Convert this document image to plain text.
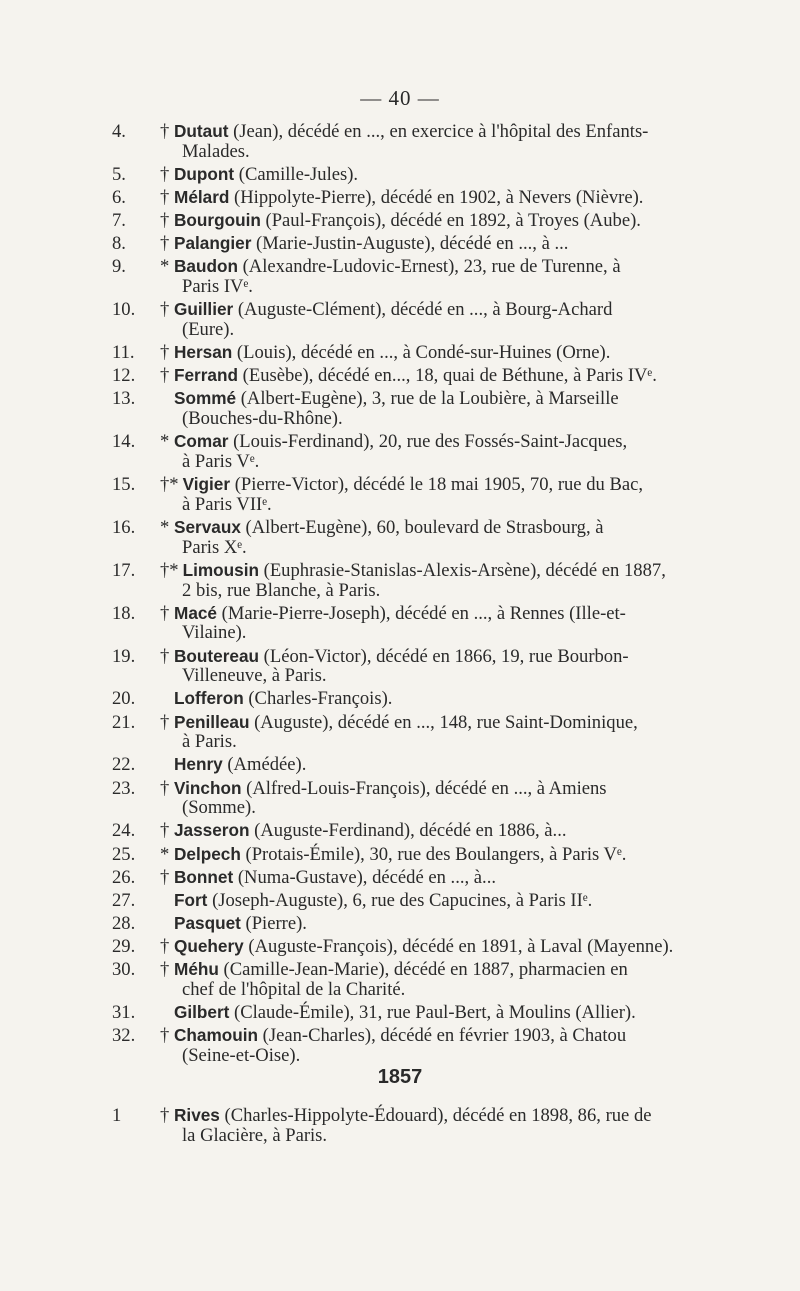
— 40 —
4.	† Dutaut (Jean), décédé en ..., en exercice à l'hôpital des Enfants-
Malades.
5.	† Dupont (Camille-Jules).
6.	† Mélard (Hippolyte-Pierre), décédé en 1902, à Nevers (Nièvre).
7.	† Bourgouin (Paul-François), décédé en 1892, à Troyes (Aube).
8.	† Palangier (Marie-Justin-Auguste), décédé en ..., à ...
9.	* Baudon (Alexandre-Ludovic-Ernest), 23, rue de Turenne, à
Paris IVᵉ.
10.	† Guillier (Auguste-Clément), décédé en ..., à Bourg-Achard
(Eure).
11.	† Hersan (Louis), décédé en ..., à Condé-sur-Huines (Orne).
12.	† Ferrand (Eusèbe), décédé en..., 18, quai de Béthune, à Paris IVᵉ.
13.	Sommé (Albert-Eugène), 3, rue de la Loubière, à Marseille
(Bouches-du-Rhône).
14.	* Comar (Louis-Ferdinand), 20, rue des Fossés-Saint-Jacques,
à Paris Vᵉ.
15.	†* Vigier (Pierre-Victor), décédé le 18 mai 1905, 70, rue du Bac,
à Paris VIIᵉ.
16.	* Servaux (Albert-Eugène), 60, boulevard de Strasbourg, à
Paris Xᵉ.
17.	†* Limousin (Euphrasie-Stanislas-Alexis-Arsène), décédé en 1887,
2 bis, rue Blanche, à Paris.
18.	† Macé (Marie-Pierre-Joseph), décédé en ..., à Rennes (Ille-et-
Vilaine).
19.	† Boutereau (Léon-Victor), décédé en 1866, 19, rue Bourbon-
Villeneuve, à Paris.
20.	Lofferon (Charles-François).
21.	† Penilleau (Auguste), décédé en ..., 148, rue Saint-Dominique,
à Paris.
22.	Henry (Amédée).
23.	† Vinchon (Alfred-Louis-François), décédé en ..., à Amiens
(Somme).
24.	† Jasseron (Auguste-Ferdinand), décédé en 1886, à...
25.	* Delpech (Protais-Émile), 30, rue des Boulangers, à Paris Vᵉ.
26.	† Bonnet (Numa-Gustave), décédé en ..., à...
27.	Fort (Joseph-Auguste), 6, rue des Capucines, à Paris IIᵉ.
28.	Pasquet (Pierre).
29.	† Quehery (Auguste-François), décédé en 1891, à Laval (Mayenne).
30.	† Méhu (Camille-Jean-Marie), décédé en 1887, pharmacien en
chef de l'hôpital de la Charité.
31.	Gilbert (Claude-Émile), 31, rue Paul-Bert, à Moulins (Allier).
32.	† Chamouin (Jean-Charles), décédé en février 1903, à Chatou
(Seine-et-Oise).
1857
1	† Rives (Charles-Hippolyte-Édouard), décédé en 1898, 86, rue de
la Glacière, à Paris.
